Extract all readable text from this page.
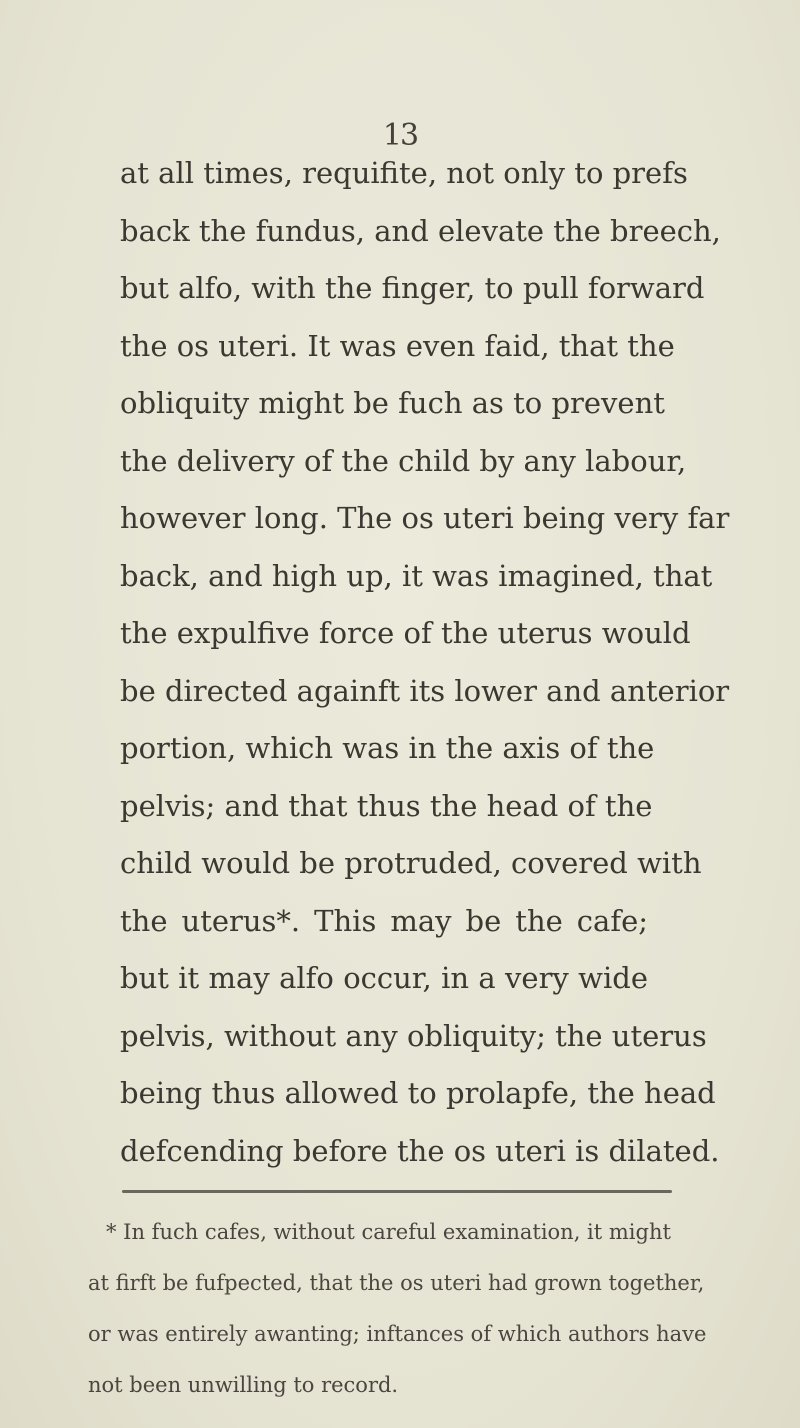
13
at all times, requifite, not only to prefs
back the fundus, and elevate the breech,
but alfo, with the finger, to pull forward
the os uteri. It was even faid, that the
obliquity might be fuch as to prevent
the delivery of the child by any labour,
however long. The os uteri being very far
back, and high up, it was imagined, that
the expulfive force of the uterus would
be directed againft its lower and anterior
portion, which was in the axis of the
pelvis; and that thus the head of the
child would be protruded, covered with
the uterus*. This may be the cafe;
but it may alfo occur, in a very wide
pelvis, without any obliquity; the uterus
being thus allowed to prolapfe, the head
defcending before the os uteri is dilated.
* In fuch cafes, without careful examination, it might
at firft be fufpected, that the os uteri had grown together,
or was entirely awanting; inftances of which authors have
not been unwilling to record.
